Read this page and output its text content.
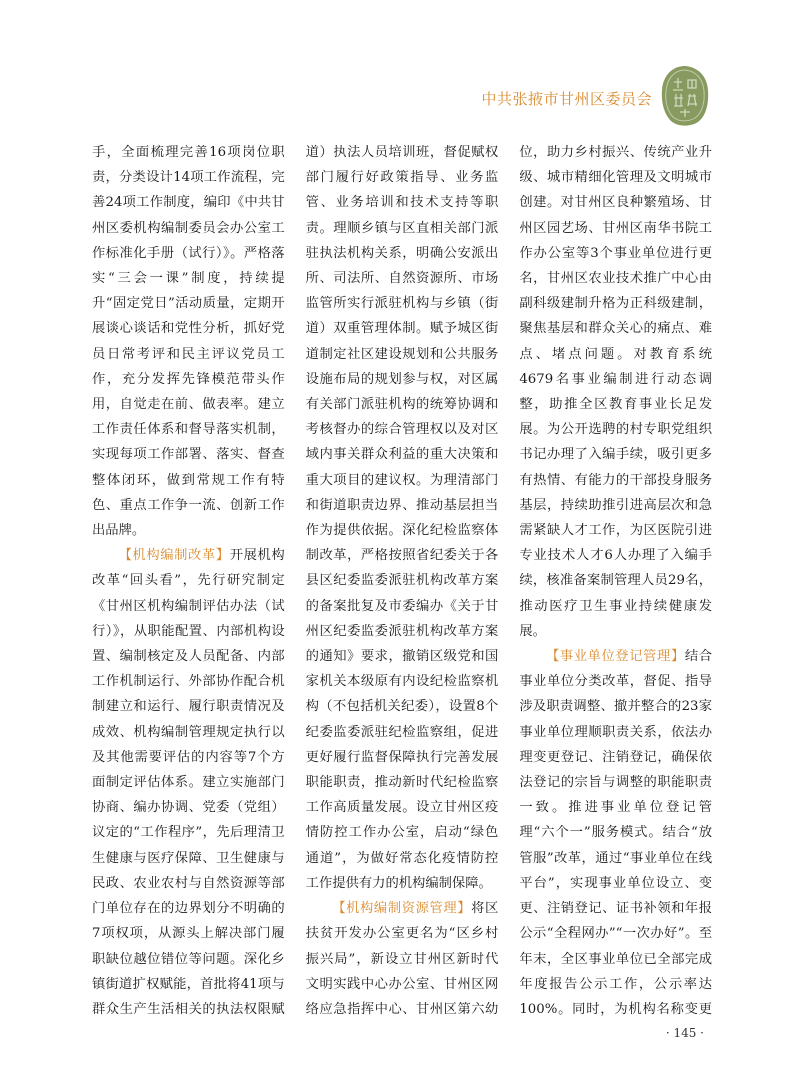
中共张掖市甘州区委员会

手，全面梳理完善16项岗位职责，分类设计14项工作流程，完善24项工作制度，编印《中共甘州区委机构编制委员会办公室工作标准化手册（试行）》。严格落实“三会一课”制度，持续提升“固定党日”活动质量，定期开展谈心谈话和党性分析，抓好党员日常考评和民主评议党员工作，充分发挥先锋模范带头作用，自觉走在前、做表率。建立工作责任体系和督导落实机制，实现每项工作部署、落实、督查整体闭环，做到常规工作有特色、重点工作争一流、创新工作出品牌。

【机构编制改革】开展机构改革“回头看”，先行研究制定《甘州区机构编制评估办法（试行）》，从职能配置、内部机构设置、编制核定及人员配备、内部工作机制运行、外部协作配合机制建立和运行、履行职责情况及成效、机构编制管理规定执行以及其他需要评估的内容等7个方面制定评估体系。建立实施部门协商、编办协调、党委（党组）议定的“工作程序”，先后理清卫生健康与医疗保障、卫生健康与民政、农业农村与自然资源等部门单位存在的边界划分不明确的7项权项，从源头上解决部门履职缺位越位错位等问题。深化乡镇街道扩权赋能，首批将41项与群众生产生活相关的执法权限赋

道）执法人员培训班，督促赋权部门履行好政策指导、业务监管、业务培训和技术支持等职责。理顺乡镇与区直相关部门派驻执法机构关系，明确公安派出所、司法所、自然资源所、市场监管所实行派驻机构与乡镇（街道）双重管理体制。赋予城区街道制定社区建设规划和公共服务设施布局的规划参与权，对区属有关部门派驻机构的统筹协调和考核督办的综合管理权以及对区域内事关群众利益的重大决策和重大项目的建议权。为理清部门和街道职责边界、推动基层担当作为提供依据。深化纪检监察体制改革，严格按照省纪委关于各县区纪委监委派驻机构改革方案的备案批复及市委编办《关于甘州区纪委监委派驻机构改革方案的通知》要求，撤销区级党和国家机关本级原有内设纪检监察机构（不包括机关纪委），设置8个纪委监委派驻纪检监察组，促进更好履行监督保障执行完善发展职能职责，推动新时代纪检监察工作高质量发展。设立甘州区疫情防控工作办公室，启动“绿色通道”，为做好常态化疫情防控工作提供有力的机构编制保障。

【机构编制资源管理】将区扶贫开发办公室更名为“区乡村振兴局”，新设立甘州区新时代文明实践中心办公室、甘州区网络应急指挥中心、甘州区第六幼

位，助力乡村振兴、传统产业升级、城市精细化管理及文明城市创建。对甘州区良种繁殖场、甘州区园艺场、甘州区南华书院工作办公室等3个事业单位进行更名，甘州区农业技术推广中心由副科级建制升格为正科级建制，聚焦基层和群众关心的痛点、难点、堵点问题。对教育系统4679名事业编制进行动态调整，助推全区教育事业长足发展。为公开选聘的村专职党组织书记办理了入编手续，吸引更多有热情、有能力的干部投身服务基层，持续助推引进高层次和急需紧缺人才工作，为区医院引进专业技术人才6人办理了入编手续，核准备案制管理人员29名，推动医疗卫生事业持续健康发展。

【事业单位登记管理】结合事业单位分类改革，督促、指导涉及职责调整、撤并整合的23家事业单位理顺职责关系，依法办理变更登记、注销登记，确保依法登记的宗旨与调整的职能职责一致。推进事业单位登记管理“六个一”服务模式。结合“放管服”改革，通过“事业单位在线平台”，实现事业单位设立、变更、注销登记、证书补领和年报公示“全程网办”“一次办好”。至年末，全区事业单位已全部完成年度报告公示工作，公示率达100%。同时，为机构名称变更

· 145 ·
